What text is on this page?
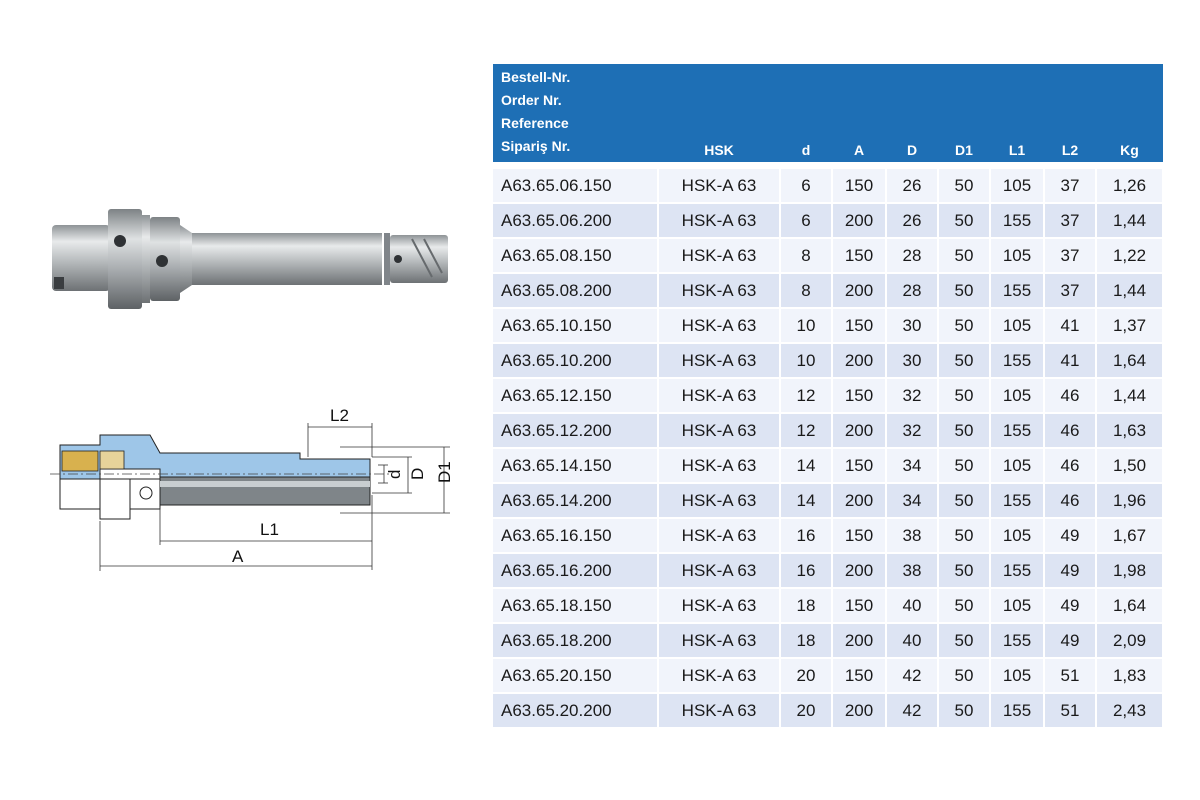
L2
L1
A
d D D1
Bestell-Nr.
Order Nr.
Reference
Sipariş Nr.	HSK	d	A	D	D1	L1	L2	Kg

A63.65.06.150	HSK-A 63	6	150	26	50	105	37	1,26
A63.65.06.200	HSK-A 63	6	200	26	50	155	37	1,44
A63.65.08.150	HSK-A 63	8	150	28	50	105	37	1,22
A63.65.08.200	HSK-A 63	8	200	28	50	155	37	1,44
A63.65.10.150	HSK-A 63	10	150	30	50	105	41	1,37
A63.65.10.200	HSK-A 63	10	200	30	50	155	41	1,64
A63.65.12.150	HSK-A 63	12	150	32	50	105	46	1,44
A63.65.12.200	HSK-A 63	12	200	32	50	155	46	1,63
A63.65.14.150	HSK-A 63	14	150	34	50	105	46	1,50
A63.65.14.200	HSK-A 63	14	200	34	50	155	46	1,96
A63.65.16.150	HSK-A 63	16	150	38	50	105	49	1,67
A63.65.16.200	HSK-A 63	16	200	38	50	155	49	1,98
A63.65.18.150	HSK-A 63	18	150	40	50	105	49	1,64
A63.65.18.200	HSK-A 63	18	200	40	50	155	49	2,09
A63.65.20.150	HSK-A 63	20	150	42	50	105	51	1,83
A63.65.20.200	HSK-A 63	20	200	42	50	155	51	2,43
